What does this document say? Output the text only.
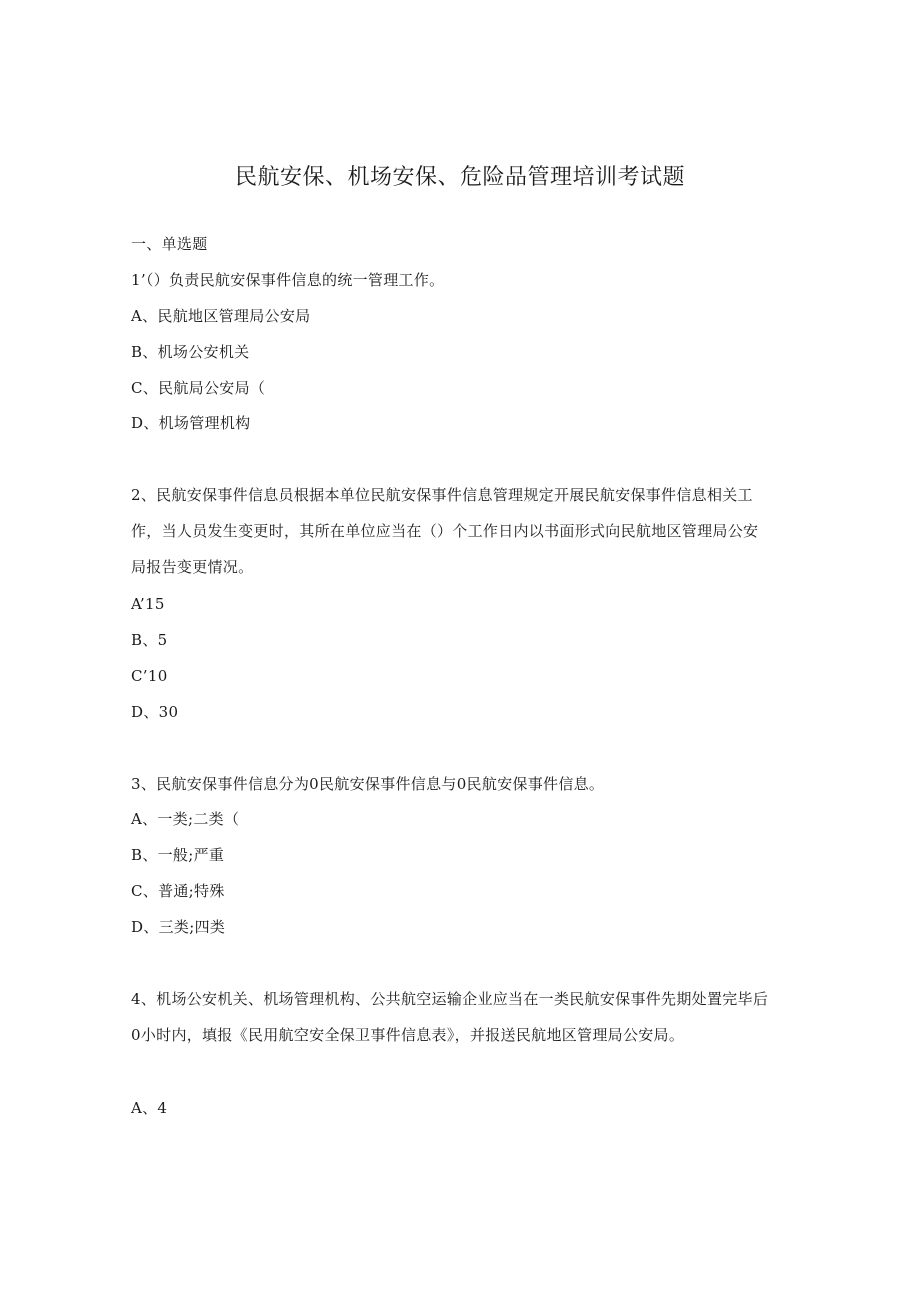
民航安保、机场安保、危险品管理培训考试题
一、单选题
1’（）负责民航安保事件信息的统一管理工作。
A、民航地区管理局公安局
B、机场公安机关
C、民航局公安局（
D、机场管理机构
2、民航安保事件信息员根据本单位民航安保事件信息管理规定开展民航安保事件信息相关工作，当人员发生变更时，其所在单位应当在（）个工作日内以书面形式向民航地区管理局公安局报告变更情况。
A’15
B、5
C’10
D、30
3、民航安保事件信息分为0民航安保事件信息与0民航安保事件信息。
A、一类;二类（
B、一般;严重
C、普通;特殊
D、三类;四类
4、机场公安机关、机场管理机构、公共航空运输企业应当在一类民航安保事件先期处置完毕后0小时内，填报《民用航空安全保卫事件信息表》，并报送民航地区管理局公安局。
A、4
